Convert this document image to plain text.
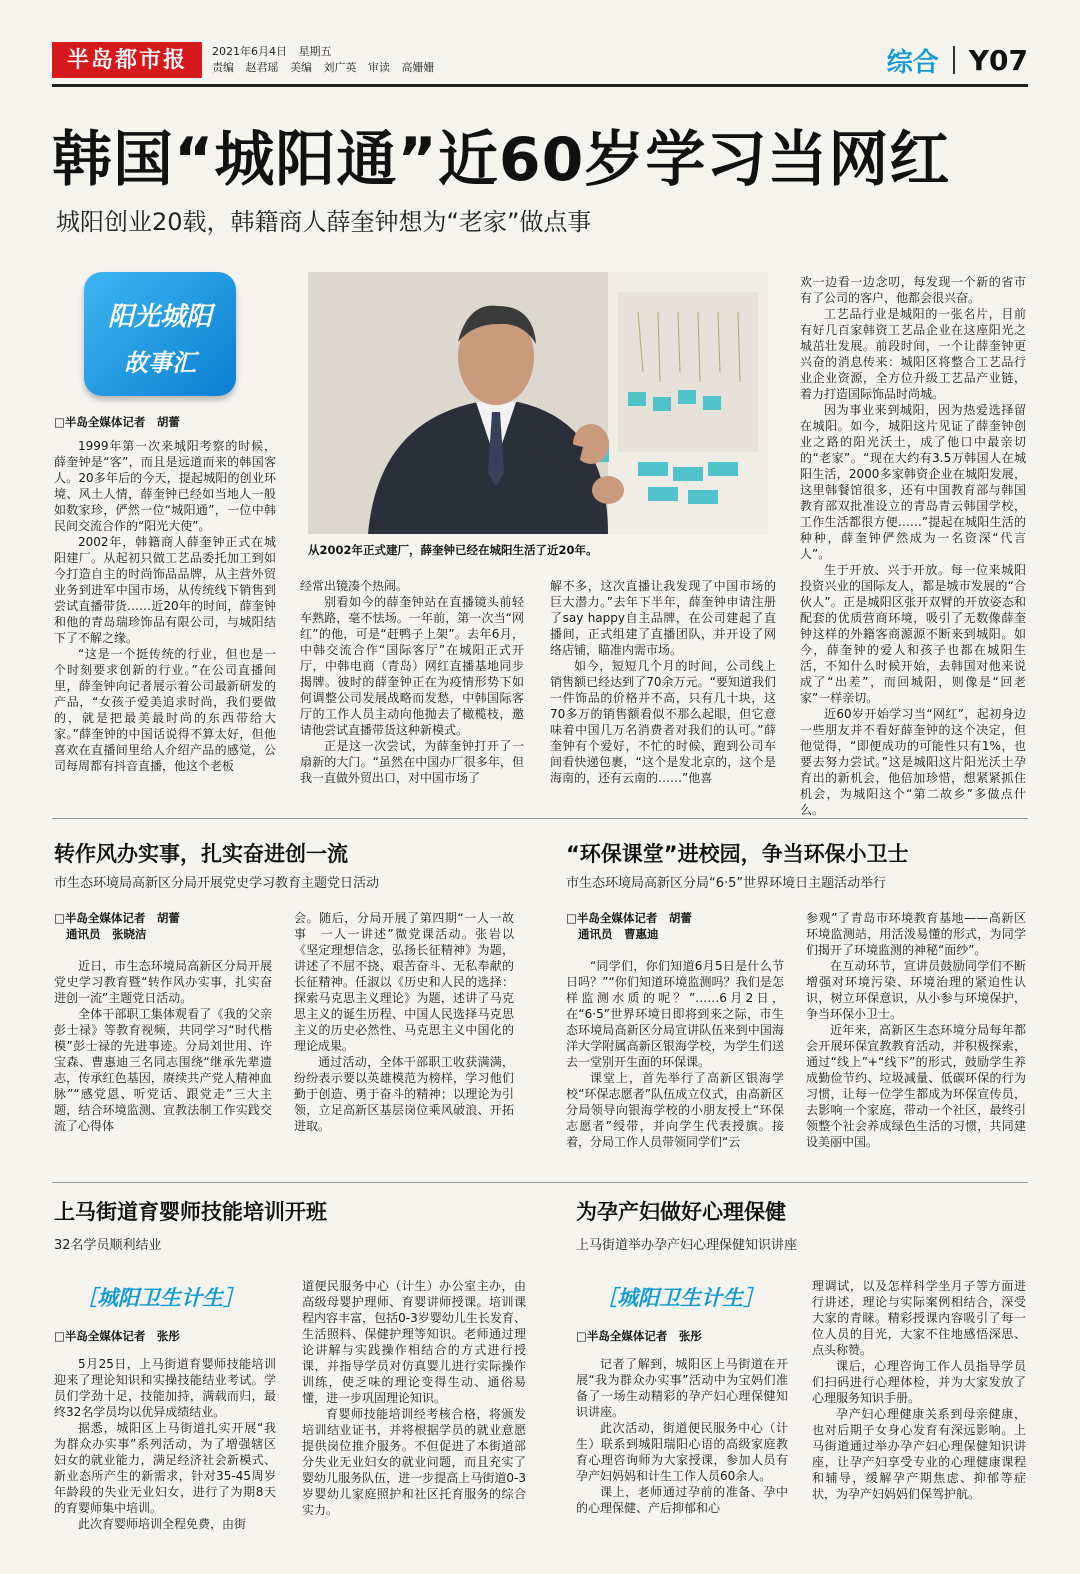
半岛都市报	2021年6月4日 星期五
责编 赵君瑶 美编 刘广英 审读 高姗姗	综合 Y07
韩国“城阳通”近60岁学习当网红
城阳创业20载，韩籍商人薛奎钟想为“老家”做点事
阳光城阳
故事汇
从2002年正式建厂，薛奎钟已经在城阳生活了近20年。
□半岛全媒体记者　胡蕾

1999年第一次来城阳考察的时候，薛奎钟是“客”，而且是远道而来的韩国客人。20多年后的今天，提起城阳的创业环境、风土人情，薛奎钟已经如当地人一般如数家珍，俨然一位“城阳通”，一位中韩民间交流合作的“阳光大使”。

2002年，韩籍商人薛奎钟正式在城阳建厂。从起初只做工艺品委托加工到如今打造自主的时尚饰品品牌，从主营外贸业务到进军中国市场，从传统线下销售到尝试直播带货……近20年的时间，薛奎钟和他的青岛瑞珍饰品有限公司，与城阳结下了不解之缘。

“这是一个挺传统的行业，但也是一个时刻要求创新的行业。”在公司直播间里，薛奎钟向记者展示着公司最新研发的产品，“女孩子爱美追求时尚，我们要做的，就是把最美最时尚的东西带给大家。”薛奎钟的中国话说得不算太好，但他喜欢在直播间里给人介绍产品的感觉，公司每周都有抖音直播，他这个老板

经常出镜凑个热闹。

别看如今的薛奎钟站在直播镜头前轻车熟路，毫不怯场。一年前，第一次当“网红”的他，可是“赶鸭子上架”。去年6月，中韩交流合作“国际客厅”在城阳正式开厅，中韩电商（青岛）网红直播基地同步揭牌。彼时的薛奎钟正在为疫情形势下如何调整公司发展战略而发愁，中韩国际客厅的工作人员主动向他抛去了橄榄枝，邀请他尝试直播带货这种新模式。

正是这一次尝试，为薛奎钟打开了一扇新的大门。“虽然在中国办厂很多年，但我一直做外贸出口，对中国市场了

解不多，这次直播让我发现了中国市场的巨大潜力。”去年下半年，薛奎钟申请注册了say happy自主品牌，在公司建起了直播间，正式组建了直播团队，并开设了网络店铺，瞄准内需市场。

如今，短短几个月的时间，公司线上销售额已经达到了70余万元。“要知道我们一件饰品的价格并不高，只有几十块，这70多万的销售额看似不那么起眼，但它意味着中国几万名消费者对我们的认可。”薛奎钟有个爱好，不忙的时候，跑到公司车间看快递包裹，“这个是发北京的，这个是海南的，还有云南的……”他喜

欢一边看一边念叨，每发现一个新的省市有了公司的客户，他都会很兴奋。

工艺品行业是城阳的一张名片，目前有好几百家韩资工艺品企业在这座阳光之城茁壮发展。前段时间，一个让薛奎钟更兴奋的消息传来：城阳区将整合工艺品行业企业资源，全方位升级工艺品产业链，着力打造国际饰品时尚城。

因为事业来到城阳，因为热爱选择留在城阳。如今，城阳这片见证了薛奎钟创业之路的阳光沃土，成了他口中最亲切的“老家”。“现在大约有3.5万韩国人在城阳生活，2000多家韩资企业在城阳发展，这里韩餐馆很多，还有中国教育部与韩国教育部双批准设立的青岛青云韩国学校，工作生活都很方便……”提起在城阳生活的种种，薛奎钟俨然成为一名资深“代言人”。

生于开放、兴于开放。每一位来城阳投资兴业的国际友人，都是城市发展的“合伙人”。正是城阳区张开双臂的开放姿态和配套的优质营商环境，吸引了无数像薛奎钟这样的外籍客商源源不断来到城阳。如今，薛奎钟的爱人和孩子也都在城阳生活，不知什么时候开始，去韩国对他来说成了“出差”，而回城阳，则像是“回老家”一样亲切。

近60岁开始学习当“网红”，起初身边一些朋友并不看好薛奎钟的这个决定，但他觉得，“即便成功的可能性只有1%，也要去努力尝试。”这是城阳这片阳光沃土孕育出的新机会，他倍加珍惜，想紧紧抓住机会，为城阳这个“第二故乡”多做点什么。

转作风办实事，扎实奋进创一流
市生态环境局高新区分局开展党史学习教育主题党日活动
□半岛全媒体记者　胡蕾
通讯员　张晓洁

近日，市生态环境局高新区分局开展党史学习教育暨“转作风办实事，扎实奋进创一流”主题党日活动。

全体干部职工集体观看了《我的父亲彭士禄》等教育视频，共同学习“时代楷模”彭士禄的先进事迹。分局刘世用、许宝森、曹惠迪三名同志围绕“继承先辈遗志，传承红色基因，赓续共产党人精神血脉”“感党恩、听党话、跟党走”三大主题，结合环境监测、宣教法制工作实践交流了心得体

会。随后，分局开展了第四期“一人一故事　一人一讲述”微党课活动。张岩以《坚定理想信念，弘扬长征精神》为题，讲述了不屈不挠、艰苦奋斗、无私奉献的长征精神。任淑以《历史和人民的选择：探索马克思主义理论》为题，述讲了马克思主义的诞生历程、中国人民选择马克思主义的历史必然性、马克思主义中国化的理论成果。

通过活动，全体干部职工收获满满，纷纷表示要以英雄模范为榜样，学习他们勤于创造、勇于奋斗的精神；以理论为引领，立足高新区基层岗位乘风破浪、开拓进取。

“环保课堂”进校园，争当环保小卫士
市生态环境局高新区分局“6·5”世界环境日主题活动举行
□半岛全媒体记者　胡蕾
通讯员　曹惠迪

“同学们，你们知道6月5日是什么节日吗？”“你们知道环境监测吗？我们是怎样监测水质的呢？”……6月2日，在“6·5”世界环境日即将到来之际，市生态环境局高新区分局宣讲队伍来到中国海洋大学附属高新区银海学校，为学生们送去一堂别开生面的环保课。

课堂上，首先举行了高新区银海学校“环保志愿者”队伍成立仪式，由高新区分局领导向银海学校的小朋友授上“环保志愿者”绶带，并向学生代表授旗。接着，分局工作人员带领同学们“云

参观”了青岛市环境教育基地——高新区环境监测站，用活泼易懂的形式，为同学们揭开了环境监测的神秘“面纱”。

在互动环节，宣讲员鼓励同学们不断增强对环境污染、环境治理的紧迫性认识，树立环保意识，从小参与环境保护，争当环保小卫士。

近年来，高新区生态环境分局每年都会开展环保宣教教育活动，并积极探索，通过“线上”+“线下”的形式，鼓励学生养成勤俭节约、垃圾减量、低碳环保的行为习惯，让每一位学生都成为环保宣传员，去影响一个家庭，带动一个社区，最终引领整个社会养成绿色生活的习惯，共同建设美丽中国。

上马街道育婴师技能培训开班
32名学员顺利结业
［城阳卫生计生］
□半岛全媒体记者　张彤

5月25日，上马街道育婴师技能培训迎来了理论知识和实操技能结业考试。学员们学劲十足，技能加持，满载而归，最终32名学员均以优异成绩结业。

据悉，城阳区上马街道扎实开展“我为群众办实事”系列活动，为了增强辖区妇女的就业能力，满足经济社会新模式、新业态所产生的新需求，针对35-45周岁年龄段的失业无业妇女，进行了为期8天的育婴师集中培训。

此次育婴师培训全程免费，由街

道便民服务中心（计生）办公室主办，由高级母婴护理师、育婴讲师授课。培训课程内容丰富，包括0-3岁婴幼儿生长发育、生活照料、保健护理等知识。老师通过理论讲解与实践操作相结合的方式进行授课，并指导学员对仿真婴儿进行实际操作训练，使乏味的理论变得生动、通俗易懂，进一步巩固理论知识。

育婴师技能培训经考核合格，将颁发培训结业证书，并将根据学员的就业意愿提供岗位推介服务。不但促进了本街道部分失业无业妇女的就业问题，而且充实了婴幼儿服务队伍，进一步提高上马街道0-3岁婴幼儿家庭照护和社区托育服务的综合实力。

为孕产妇做好心理保健
上马街道举办孕产妇心理保健知识讲座
［城阳卫生计生］
□半岛全媒体记者　张彤

记者了解到，城阳区上马街道在开展“我为群众办实事”活动中为宝妈们准备了一场生动精彩的孕产妇心理保健知识讲座。

此次活动，街道便民服务中心（计生）联系到城阳瑞阳心语的高级家庭教育心理咨询师为大家授课，参加人员有孕产妇妈妈和计生工作人员60余人。

课上，老师通过孕前的准备、孕中的心理保健、产后抑郁和心

理调试，以及怎样科学坐月子等方面进行讲述，理论与实际案例相结合，深受大家的青睐。精彩授课内容吸引了每一位人员的目光，大家不住地感悟深思、点头称赞。

课后，心理咨询工作人员指导学员们扫码进行心理体检，并为大家发放了心理服务知识手册。

孕产妇心理健康关系到母亲健康，也对后期子女身心发育有深远影响。上马街道通过举办孕产妇心理保健知识讲座，让孕产妇享受专业的心理健康课程和辅导，缓解孕产期焦虑、抑郁等症状，为孕产妇妈妈们保驾护航。
